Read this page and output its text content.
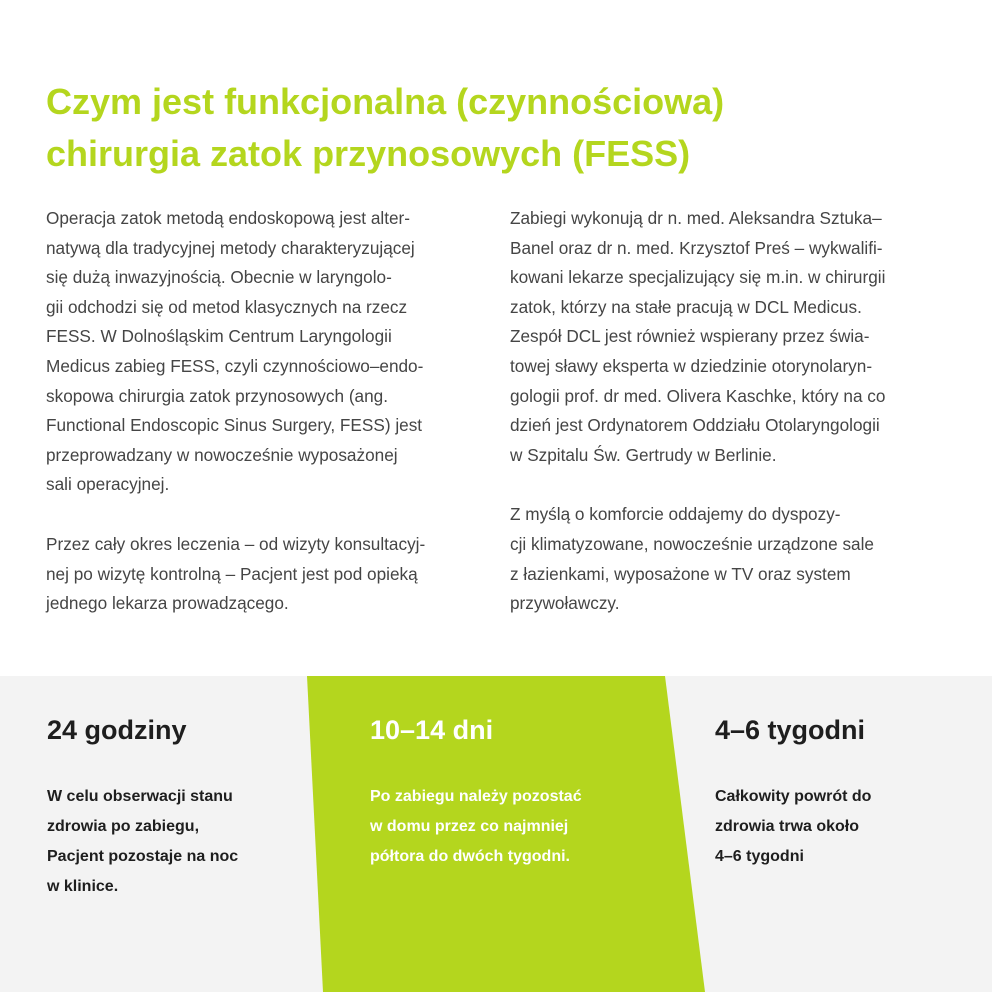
Czym jest funkcjonalna (czynnościowa)
chirurgia zatok przynosowych (FESS)

Operacja zatok metodą endoskopową jest alter-
natywą dla tradycyjnej metody charakteryzującej
się dużą inwazyjnością. Obecnie w laryngolo-
gii odchodzi się od metod klasycznych na rzecz
FESS. W Dolnośląskim Centrum Laryngologii
Medicus zabieg FESS, czyli czynnościowo–endo-
skopowa chirurgia zatok przynosowych (ang.
Functional Endoscopic Sinus Surgery, FESS) jest
przeprowadzany w nowocześnie wyposażonej
sali operacyjnej.

Przez cały okres leczenia – od wizyty konsultacyj-
nej po wizytę kontrolną – Pacjent jest pod opieką
jednego lekarza prowadzącego.

Zabiegi wykonują dr n. med. Aleksandra Sztuka–
Banel oraz dr n. med. Krzysztof Preś – wykwalifi-
kowani lekarze specjalizujący się m.in. w chirurgii
zatok, którzy na stałe pracują w DCL Medicus.
Zespół DCL jest również wspierany przez świa-
towej sławy eksperta w dziedzinie otorynolaryn-
gologii prof. dr med. Olivera Kaschke, który na co
dzień jest Ordynatorem Oddziału Otolaryngologii
w Szpitalu Św. Gertrudy w Berlinie.

Z myślą o komforcie oddajemy do dyspozy-
cji klimatyzowane, nowocześnie urządzone sale
z łazienkami, wyposażone w TV oraz system
przywoławczy.

24 godziny
W celu obserwacji stanu
zdrowia po zabiegu,
Pacjent pozostaje na noc
w klinice.
10–14 dni
Po zabiegu należy pozostać
w domu przez co najmniej
półtora do dwóch tygodni.
4–6 tygodni
Całkowity powrót do
zdrowia trwa około
4–6 tygodni
